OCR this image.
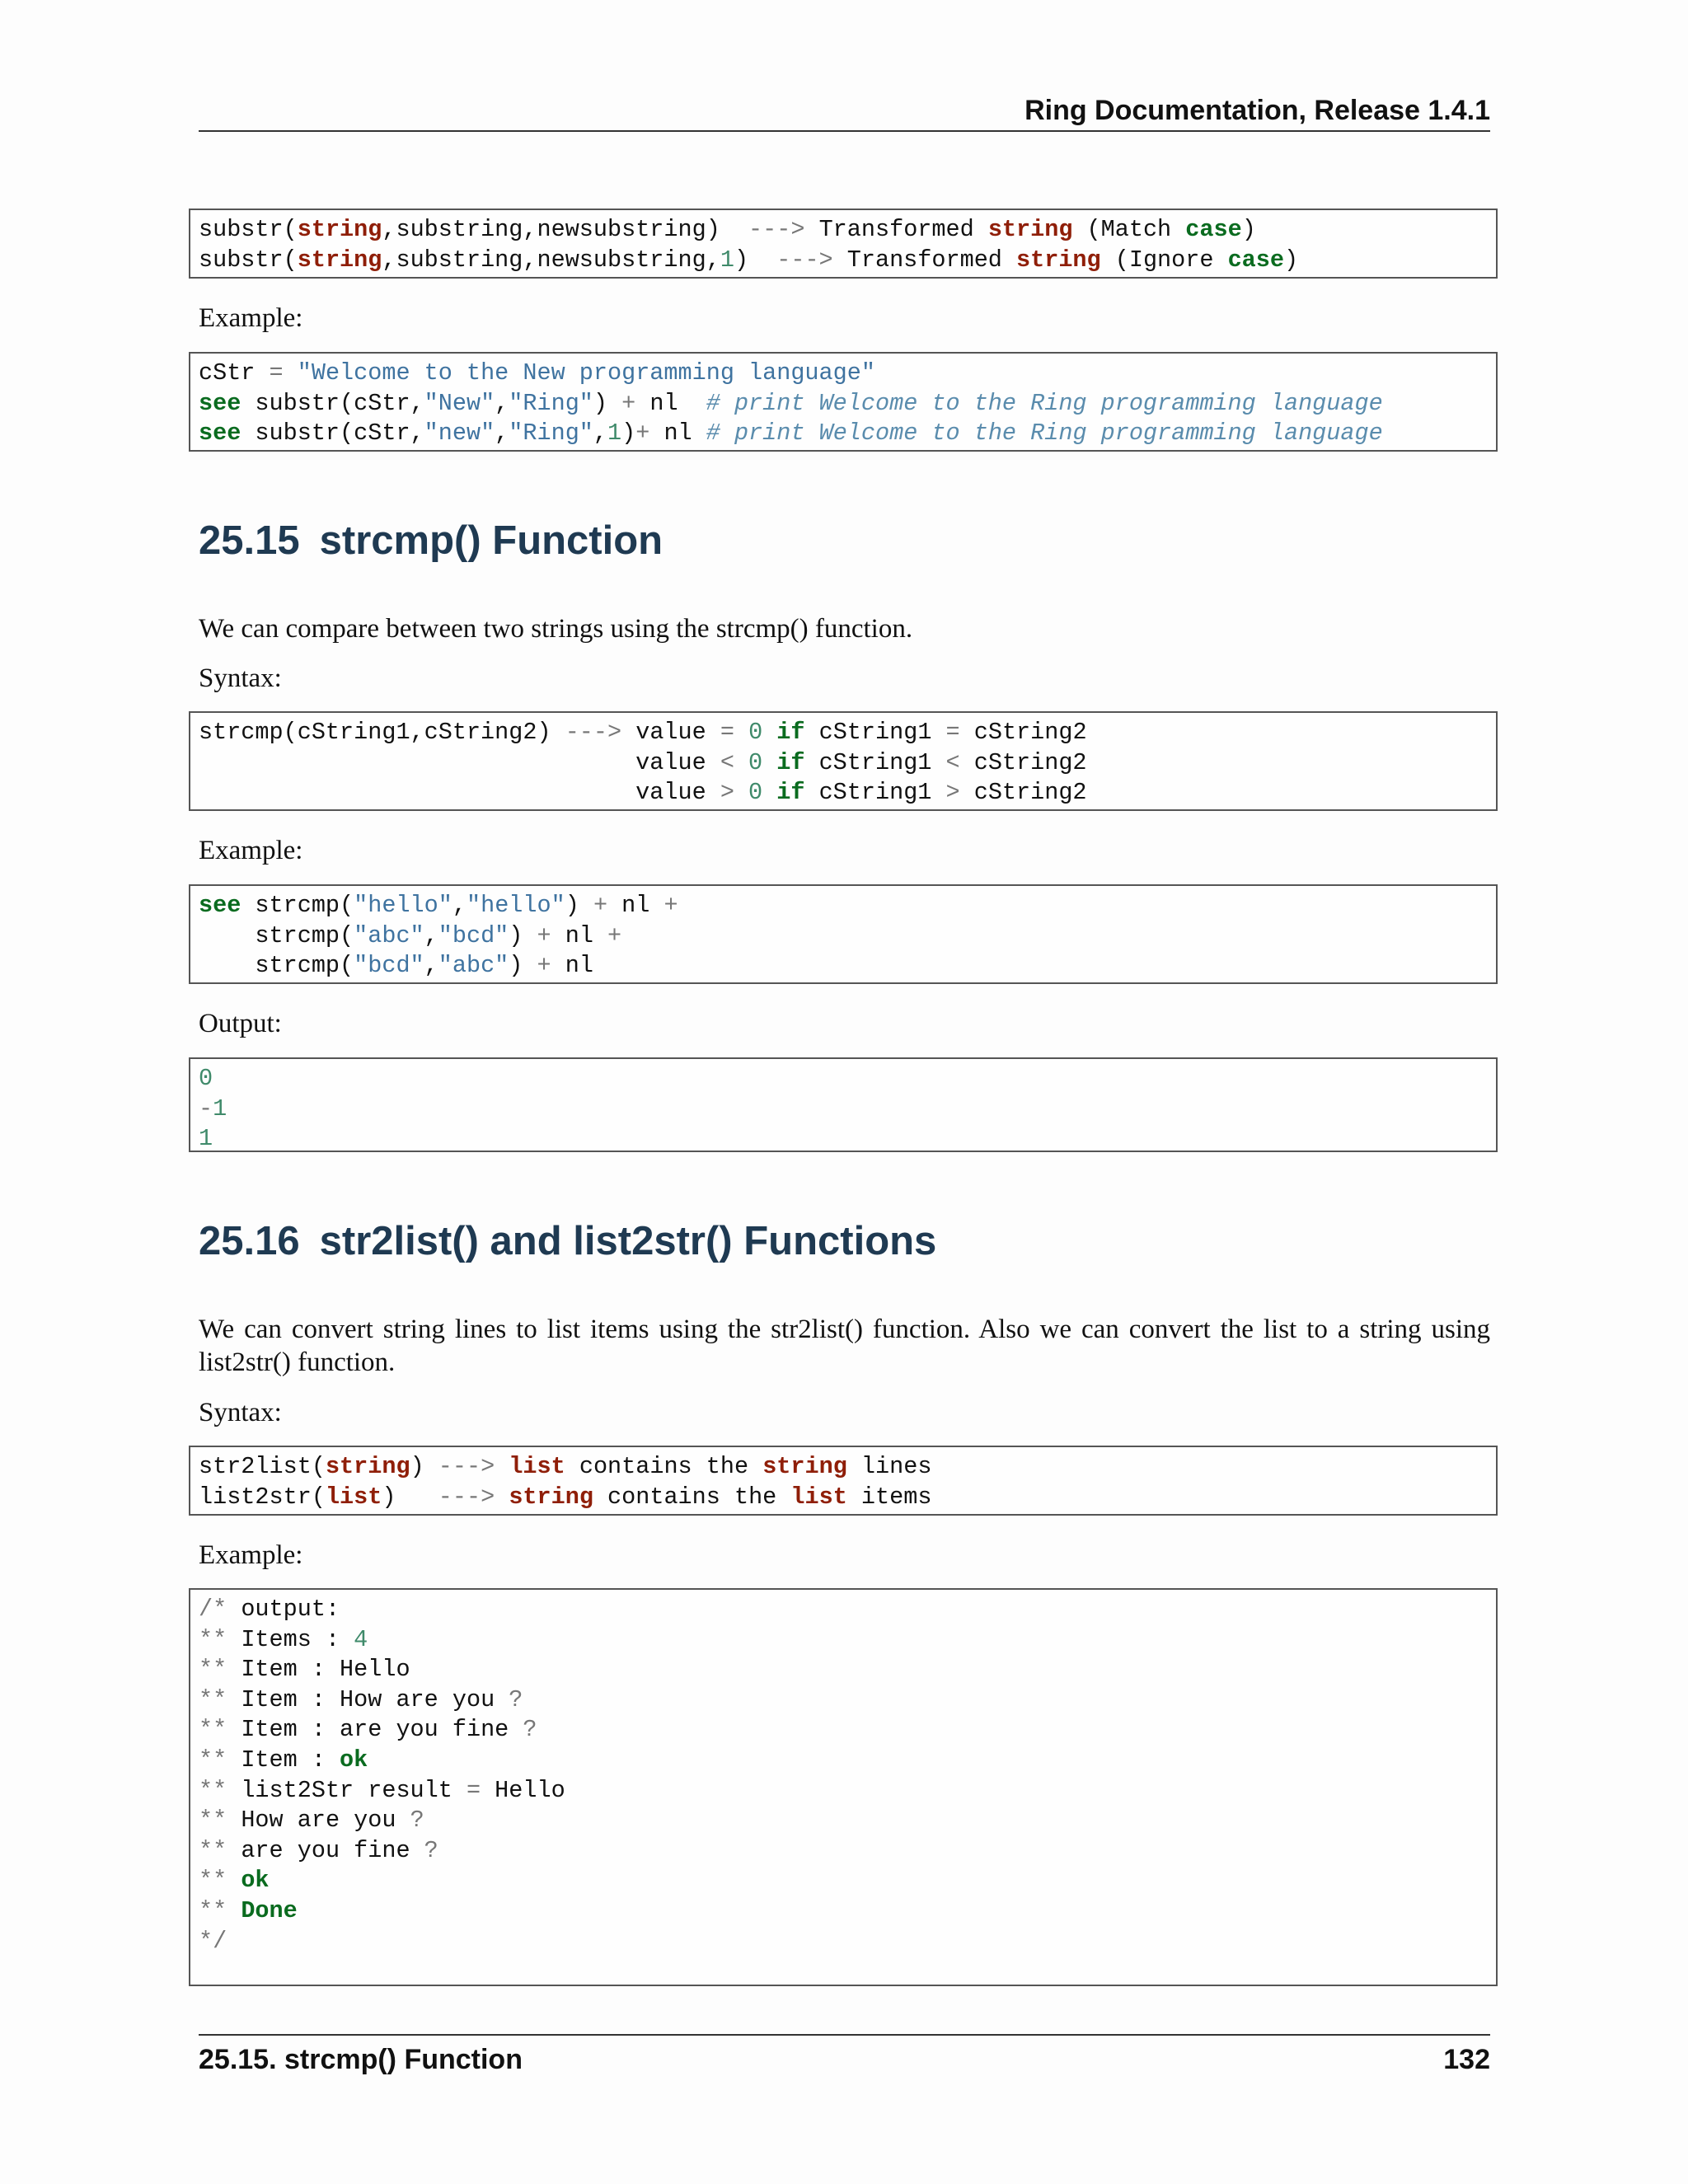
Ring Documentation, Release 1.4.1
substr(string,substring,newsubstring)  ---> Transformed string (Match case)
substr(string,substring,newsubstring,1)  ---> Transformed string (Ignore case)
Example:
cStr = "Welcome to the New programming language"
see substr(cStr,"New","Ring") + nl  # print Welcome to the Ring programming language
see substr(cStr,"new","Ring",1)+ nl # print Welcome to the Ring programming language
25.15 strcmp() Function
We can compare between two strings using the strcmp() function.
Syntax:
strcmp(cString1,cString2) ---> value = 0 if cString1 = cString2
value < 0 if cString1 < cString2
value > 0 if cString1 > cString2
Example:
see strcmp("hello","hello") + nl +
strcmp("abc","bcd") + nl +
strcmp("bcd","abc") + nl
Output:
0
-1
1
25.16 str2list() and list2str() Functions
We can convert string lines to list items using the str2list() function. Also we can convert the list to a string using list2str() function.
Syntax:
str2list(string) ---> list contains the string lines
list2str(list)   ---> string contains the list items
Example:
/* output:
** Items : 4
** Item : Hello
** Item : How are you ?
** Item : are you fine ?
** Item : ok
** list2Str result = Hello
** How are you ?
** are you fine ?
** ok
** Done
*/
25.15. strcmp() Function	132
